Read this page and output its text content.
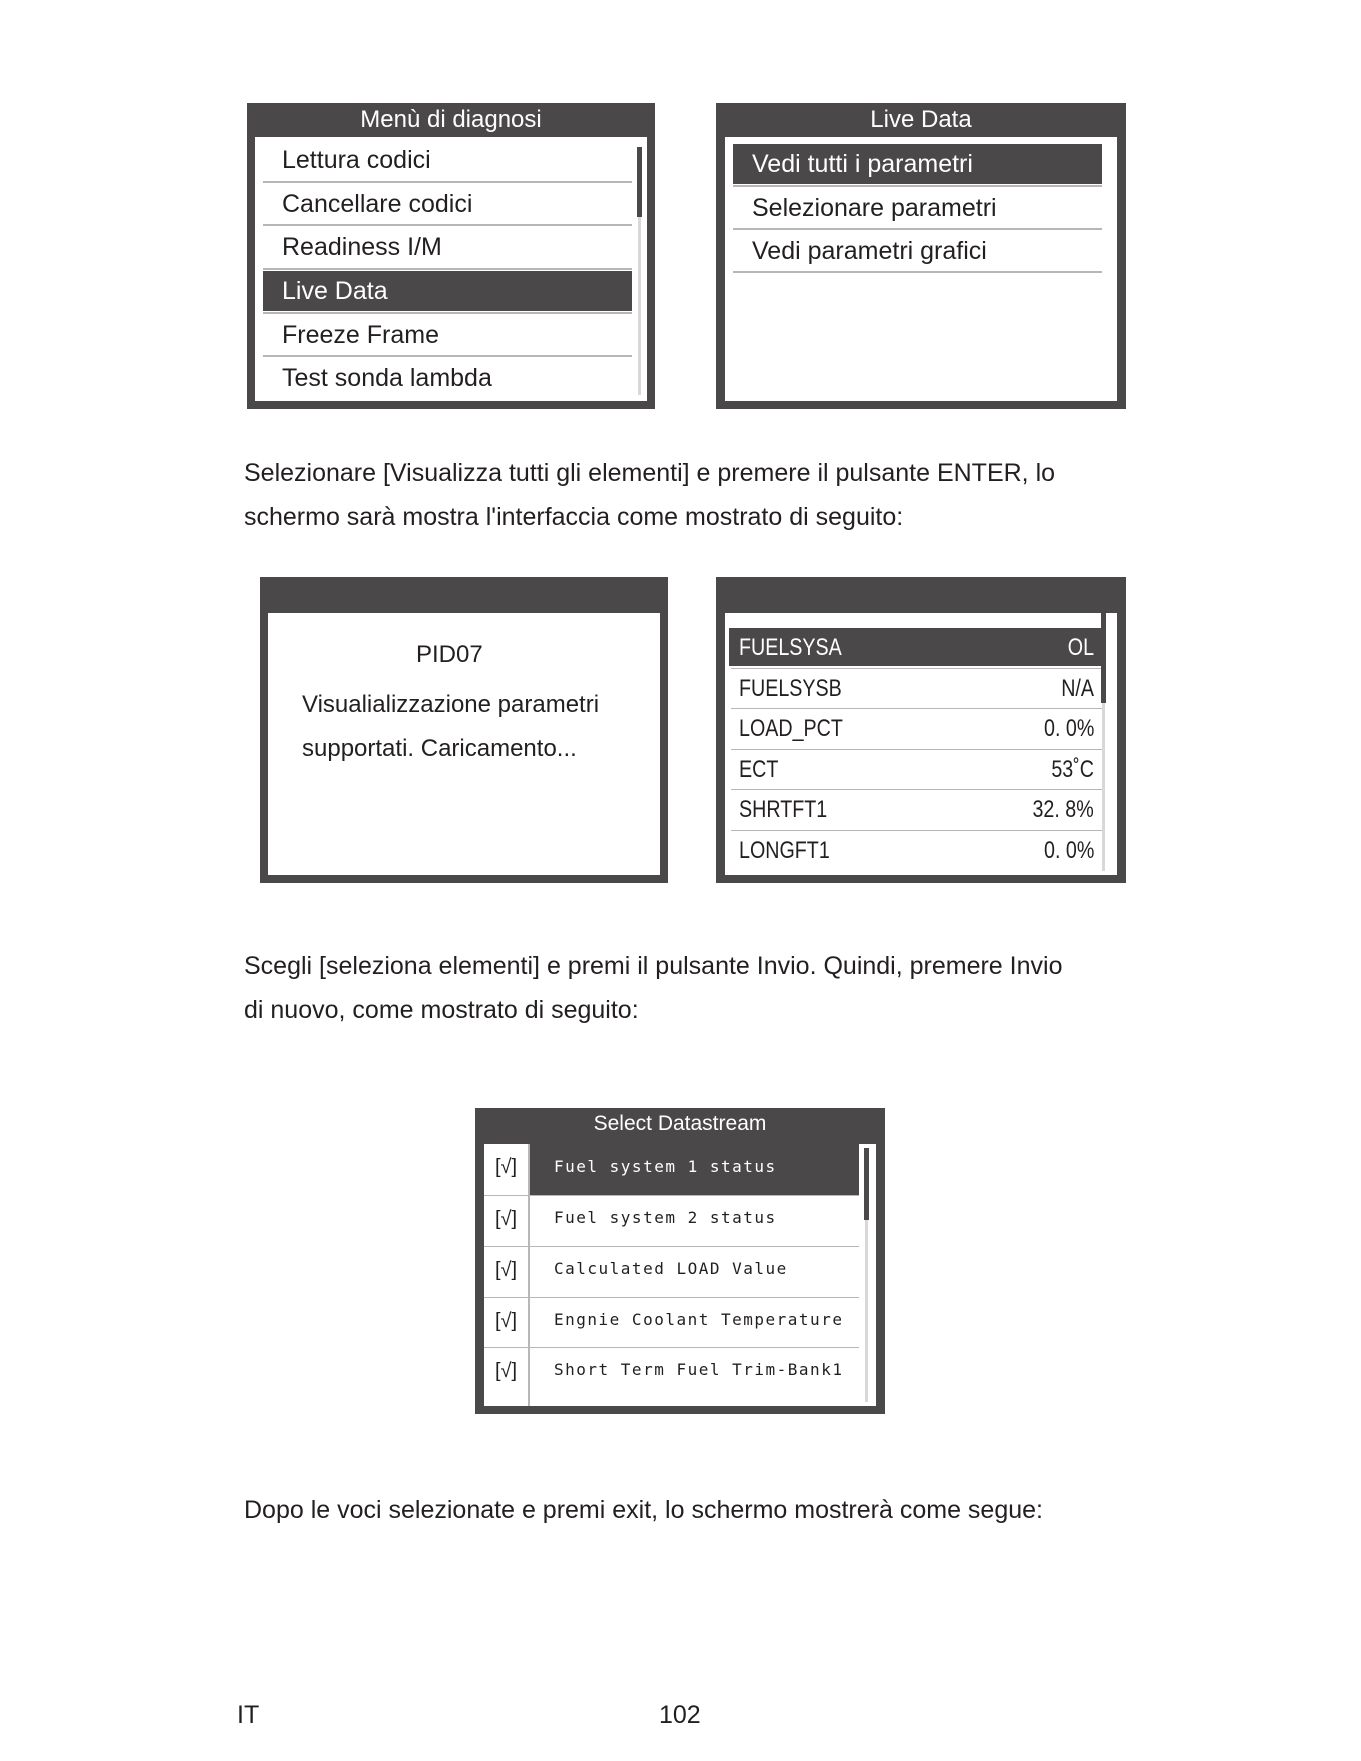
Menù di diagnosi
Lettura codici
Cancellare codici
Readiness I/M
Live Data
Freeze Frame
Test sonda lambda
Live Data
Vedi tutti i parametri
Selezionare parametri
Vedi parametri grafici
Selezionare [Visualizza tutti gli elementi] e premere il pulsante ENTER, lo
schermo sarà mostra l'interfaccia come mostrato di seguito:
PID07
Visualializzazione parametri
supportati. Caricamento...
FUELSYSA	OL
FUELSYSB	N/A
LOAD_PCT	0. 0%
ECT	53˚C
SHRTFT1	32. 8%
LONGFT1	0. 0%
Scegli [seleziona elementi] e premi il pulsante Invio. Quindi, premere Invio
di nuovo, come mostrato di seguito:
Select Datastream
[√]	Fuel system 1 status
[√]	Fuel system 2 status
[√]	Calculated LOAD Value
[√]	Engnie Coolant Temperature
[√]	Short Term Fuel Trim-Bank1
Dopo le voci selezionate e premi exit, lo schermo mostrerà come segue:
IT	102
